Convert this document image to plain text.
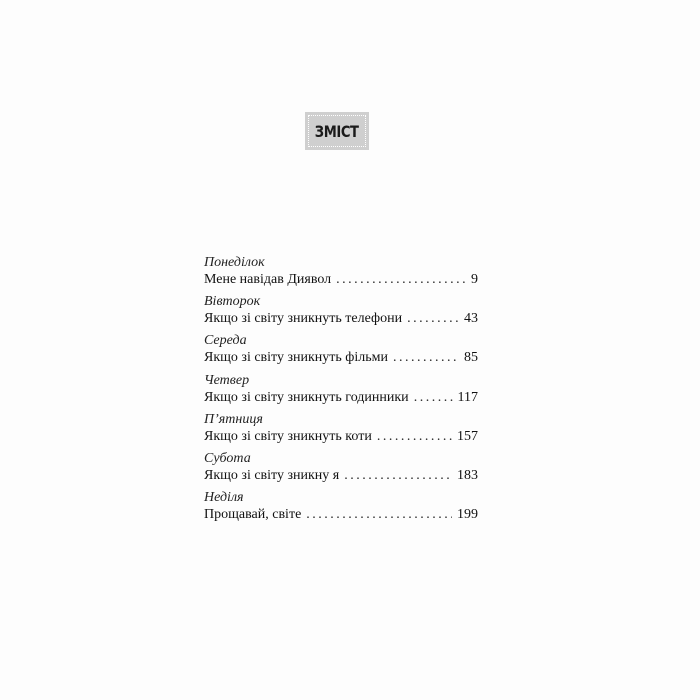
ЗМІСТ
Понеділок
Мене навідав Диявол . . .	9
Вівторок
Якщо зі світу зникнуть телефони . . .	43
Середа
Якщо зі світу зникнуть фільми . . .	85
Четвер
Якщо зі світу зникнуть годинники . . .	117
П’ятниця
Якщо зі світу зникнуть коти . . .	157
Субота
Якщо зі світу зникну я . . .	183
Неділя
Прощавай, світе . . .	199
